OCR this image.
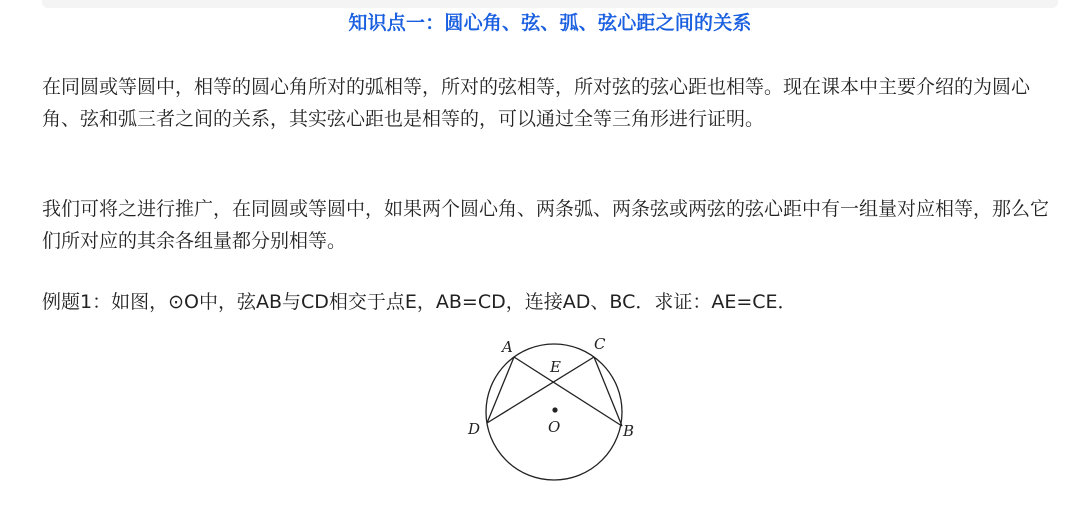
知识点一：圆心角、弦、弧、弦心距之间的关系

在同圆或等圆中，相等的圆心角所对的弧相等，所对的弦相等，所对弦的弦心距也相等。现在课本中主要介绍的为圆心角、弦和弧三者之间的关系，其实弦心距也是相等的，可以通过全等三角形进行证明。

我们可将之进行推广，在同圆或等圆中，如果两个圆心角、两条弧、两条弦或两弦的弦心距中有一组量对应相等，那么它们所对应的其余各组量都分别相等。

例题1：如图，⊙O中，弦AB与CD相交于点E，AB=CD，连接AD、BC．求证：AE=CE．

A	C
E
D	O	B
